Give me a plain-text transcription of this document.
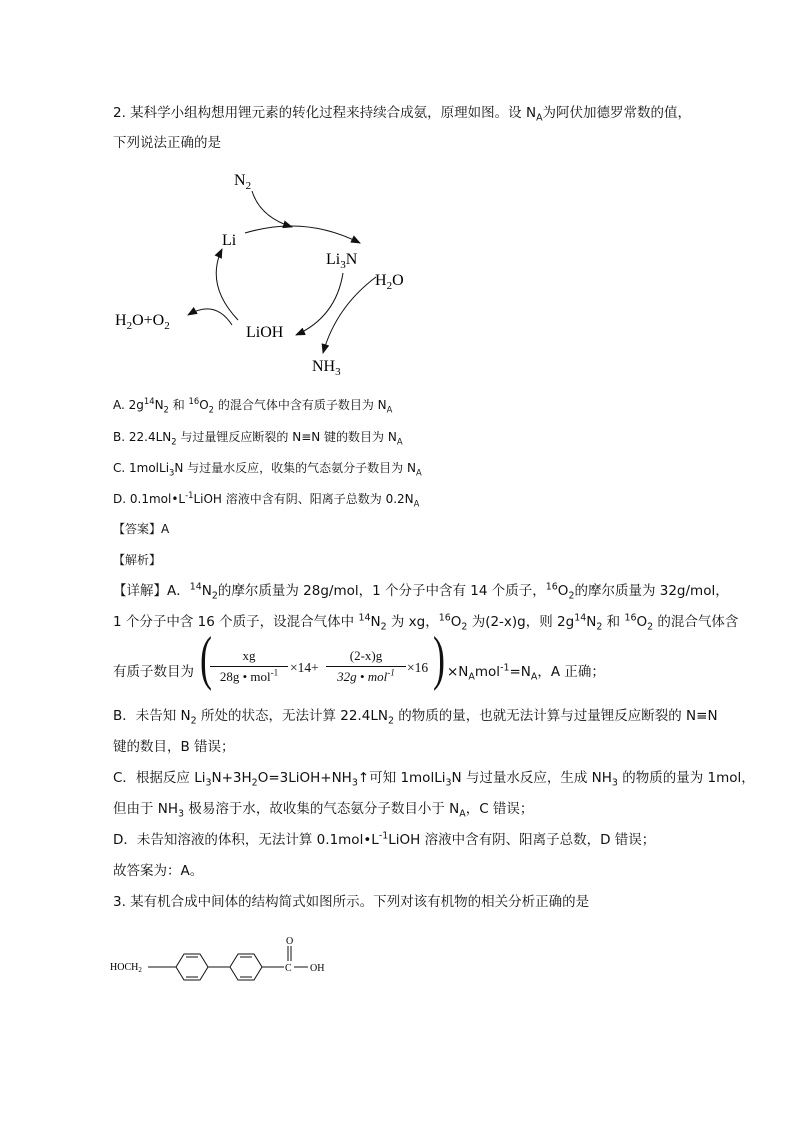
2. 某科学小组构想用锂元素的转化过程来持续合成氨，原理如图。设 $N_A$为阿伏加德罗常数的值，
下列说法正确的是
$N_2$
Li
$Li_3N$
$H_2O$
$H_2O+O_2$	LiOH
$NH_3$
A. $2g^{14}N_2$ 和 $^{16}O_2$ 的混合气体中含有质子数目为 $N_A$
B. $22.4LN_2$ 与过量锂反应断裂的 N≡N 键的数目为 $N_A$
C. 1molLi$_3$N 与过量水反应，收集的气态氨分子数目为 $N_A$
D. $0.1mol•L^{-1}LiOH$ 溶液中含有阴、阳离子总数为 $0.2N_A$
【答案】A
【解析】
【详解】A．$^{14}N_2$的摩尔质量为 28g/mol，1 个分子中含有 14 个质子，$^{16}O_2$的摩尔质量为 32g/mol，
1 个分子中含 16 个质子，设混合气体中 $^{14}N_2$ 为 xg，$^{16}O_2$ 为(2-x)g，则 $2g^{14}N_2$ 和 $^{16}O_2$ 的混合气体含
有质子数目为 (	xg
28g • mol$^{-1}$ ×14+
(2-x)g
32g • mol$^{-1}$ ×16 ) $\times N_Amol^{-1}=N_A$，A 正确；
B．未告知 $N_2$ 所处的状态，无法计算 $22.4LN_2$ 的物质的量，也就无法计算与过量锂反应断裂的 N≡N
键的数目，B 错误；
C．根据反应 $Li_3N+3H_2O=3LiOH+NH_3↑$可知 1molLi$_3$N 与过量水反应，生成 $NH_3$ 的物质的量为 1mol，
但由于 $NH_3$ 极易溶于水，故收集的气态氨分子数目小于 $N_A$，C 错误；
D．未告知溶液的体积，无法计算 $0.1mol•L^{-1}LiOH$ 溶液中含有阴、阳离子总数，D 错误；
故答案为：A。
3. 某有机合成中间体的结构简式如图所示。下列对该有机物的相关分析正确的是
$HOCH_2$	C
O
OH
